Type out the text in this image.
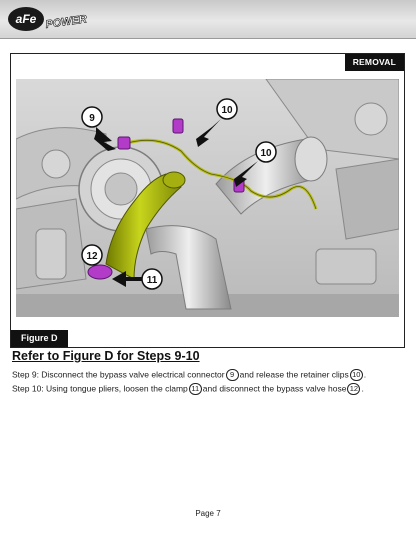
aFe POWER
REMOVAL
9
10
10
11
12
Figure D
Refer to Figure D for Steps 9-10
Step 9: Disconnect the bypass valve electrical connector 9 and release the retainer clips 10 .
Step 10: Using tongue pliers, loosen the clamp 11 and disconnect the bypass valve hose 12 .
Page 7
